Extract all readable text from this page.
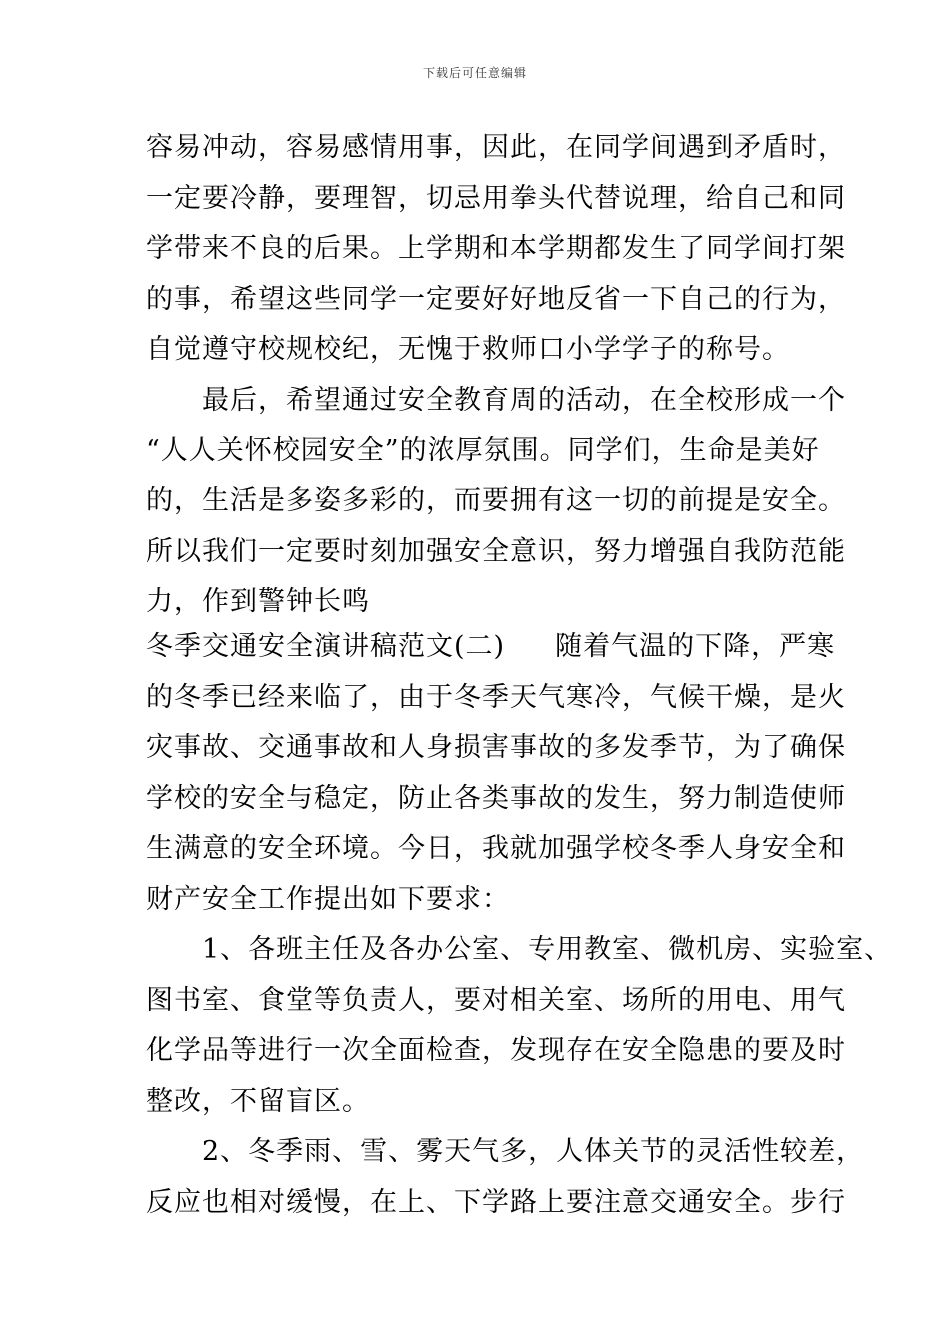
下载后可任意编辑
容易冲动，容易感情用事，因此，在同学间遇到矛盾时，
一定要冷静，要理智，切忌用拳头代替说理，给自己和同
学带来不良的后果。上学期和本学期都发生了同学间打架
的事，希望这些同学一定要好好地反省一下自己的行为，
自觉遵守校规校纪，无愧于救师口小学学子的称号。
　　最后，希望通过安全教育周的活动，在全校形成一个
“人人关怀校园安全”的浓厚氛围。同学们，生命是美好
的，生活是多姿多彩的，而要拥有这一切的前提是安全。
所以我们一定要时刻加强安全意识，努力增强自我防范能
力，作到警钟长鸣
冬季交通安全演讲稿范文(二) 随着气温的下降，严寒
的冬季已经来临了，由于冬季天气寒冷，气候干燥，是火
灾事故、交通事故和人身损害事故的多发季节，为了确保
学校的安全与稳定，防止各类事故的发生，努力制造使师
生满意的安全环境。今日，我就加强学校冬季人身安全和
财产安全工作提出如下要求：
　　1、各班主任及各办公室、专用教室、微机房、实验室、
图书室、食堂等负责人，要对相关室、场所的用电、用气
化学品等进行一次全面检查，发现存在安全隐患的要及时
整改，不留盲区。
　　2、冬季雨、雪、雾天气多，人体关节的灵活性较差，
反应也相对缓慢，在上、下学路上要注意交通安全。步行
